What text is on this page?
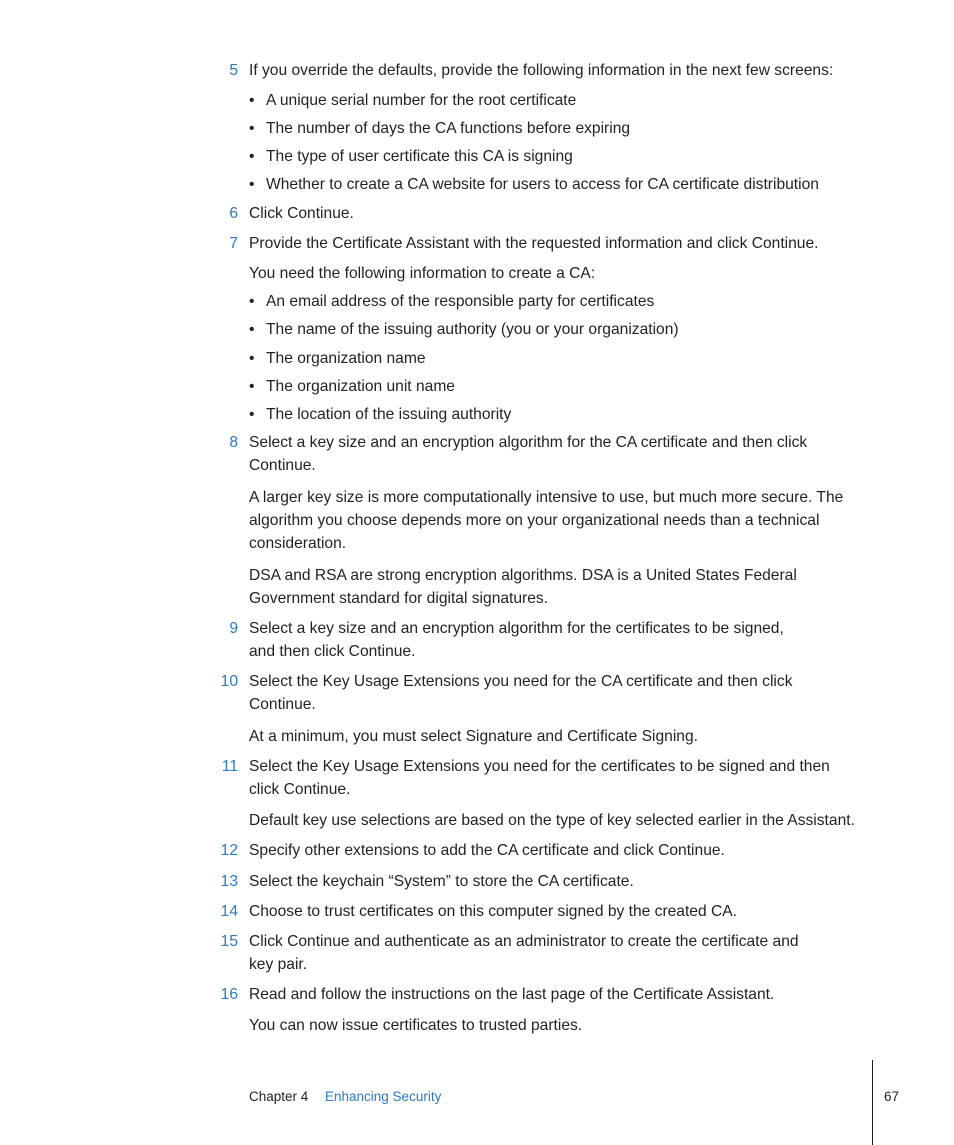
5 If you override the defaults, provide the following information in the next few screens:
• A unique serial number for the root certificate
• The number of days the CA functions before expiring
• The type of user certificate this CA is signing
• Whether to create a CA website for users to access for CA certificate distribution
6 Click Continue.
7 Provide the Certificate Assistant with the requested information and click Continue.
You need the following information to create a CA:
• An email address of the responsible party for certificates
• The name of the issuing authority (you or your organization)
• The organization name
• The organization unit name
• The location of the issuing authority
8 Select a key size and an encryption algorithm for the CA certificate and then click
Continue.
A larger key size is more computationally intensive to use, but much more secure. The
algorithm you choose depends more on your organizational needs than a technical
consideration.
DSA and RSA are strong encryption algorithms. DSA is a United States Federal
Government standard for digital signatures.
9 Select a key size and an encryption algorithm for the certificates to be signed,
and then click Continue.
10 Select the Key Usage Extensions you need for the CA certificate and then click
Continue.
At a minimum, you must select Signature and Certificate Signing.
11 Select the Key Usage Extensions you need for the certificates to be signed and then
click Continue.
Default key use selections are based on the type of key selected earlier in the Assistant.
12 Specify other extensions to add the CA certificate and click Continue.
13 Select the keychain “System” to store the CA certificate.
14 Choose to trust certificates on this computer signed by the created CA.
15 Click Continue and authenticate as an administrator to create the certificate and
key pair.
16 Read and follow the instructions on the last page of the Certificate Assistant.
You can now issue certificates to trusted parties.
Chapter 4 Enhancing Security	67
